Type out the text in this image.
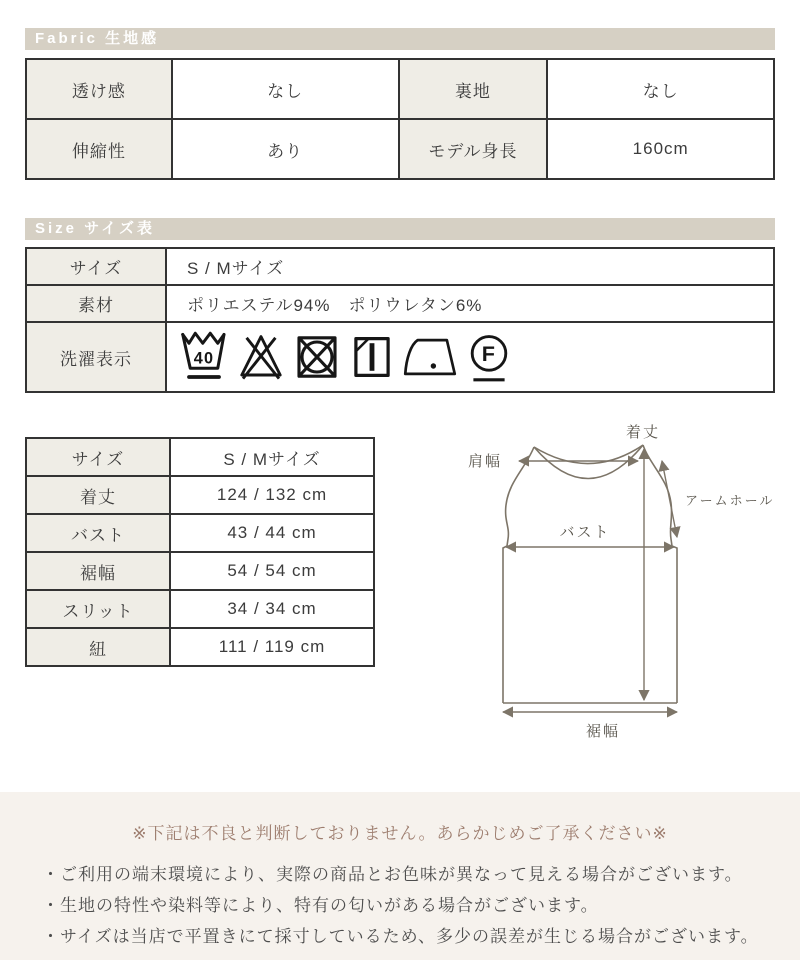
Fabric 生地感
透け感	なし	裏地	なし
伸縮性	あり	モデル身長	160cm
Size サイズ表
サイズ	S / Mサイズ
素材	ポリエステル94%　ポリウレタン6%
洗濯表示	40 F
サイズ	S / Mサイズ
着丈	124 / 132 cm
バスト	43 / 44 cm
裾幅	54 / 54 cm
スリット	34 / 34 cm
紐	111 / 119 cm
着丈
肩幅
アームホール
バスト
裾幅
※下記は不良と判断しておりません。あらかじめご了承ください※
・ご利用の端末環境により、実際の商品とお色味が異なって見える場合がございます。
・生地の特性や染料等により、特有の匂いがある場合がございます。
・サイズは当店で平置きにて採寸しているため、多少の誤差が生じる場合がございます。
